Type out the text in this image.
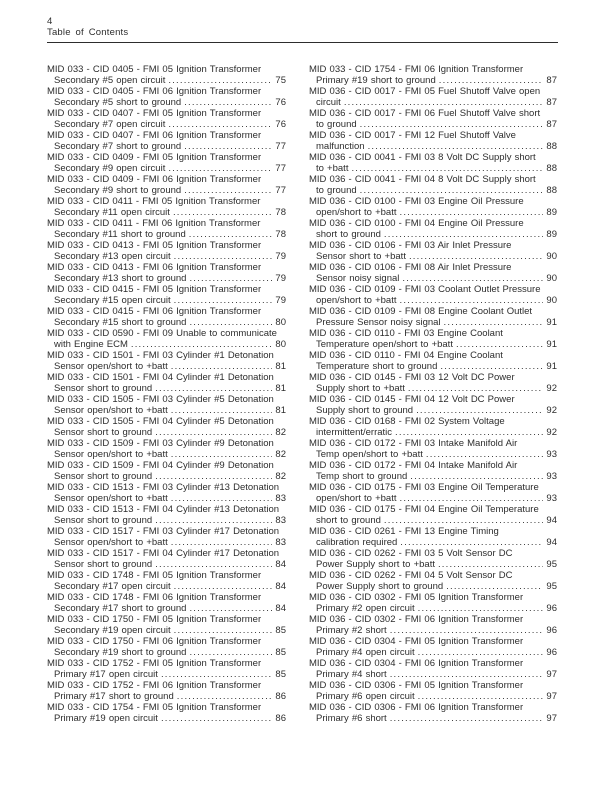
4
Table of Contents
MID 033 - CID 0405 - FMI 05 Ignition Transformer
Secondary #5 open circuit .....	75
MID 033 - CID 0405 - FMI 06 Ignition Transformer
Secondary #5 short to ground .....	76
MID 033 - CID 0407 - FMI 05 Ignition Transformer
Secondary #7 open circuit .....	76
MID 033 - CID 0407 - FMI 06 Ignition Transformer
Secondary #7 short to ground .....	77
MID 033 - CID 0409 - FMI 05 Ignition Transformer
Secondary #9 open circuit .....	77
MID 033 - CID 0409 - FMI 06 Ignition Transformer
Secondary #9 short to ground .....	77
MID 033 - CID 0411 - FMI 05 Ignition Transformer
Secondary #11 open circuit .....	78
MID 033 - CID 0411 - FMI 06 Ignition Transformer
Secondary #11 short to ground .....	78
MID 033 - CID 0413 - FMI 05 Ignition Transformer
Secondary #13 open circuit .....	79
MID 033 - CID 0413 - FMI 06 Ignition Transformer
Secondary #13 short to ground .....	79
MID 033 - CID 0415 - FMI 05 Ignition Transformer
Secondary #15 open circuit .....	79
MID 033 - CID 0415 - FMI 06 Ignition Transformer
Secondary #15 short to ground .....	80
MID 033 - CID 0590 - FMI 09 Unable to communicate
with Engine ECM .....	80
MID 033 - CID 1501 - FMI 03 Cylinder #1 Detonation
Sensor open/short to +batt .....	81
MID 033 - CID 1501 - FMI 04 Cylinder #1 Detonation
Sensor short to ground .....	81
MID 033 - CID 1505 - FMI 03 Cylinder #5 Detonation
Sensor open/short to +batt .....	81
MID 033 - CID 1505 - FMI 04 Cylinder #5 Detonation
Sensor short to ground .....	82
MID 033 - CID 1509 - FMI 03 Cylinder #9 Detonation
Sensor open/short to +batt .....	82
MID 033 - CID 1509 - FMI 04 Cylinder #9 Detonation
Sensor short to ground .....	82
MID 033 - CID 1513 - FMI 03 Cylinder #13 Detonation
Sensor open/short to +batt .....	83
MID 033 - CID 1513 - FMI 04 Cylinder #13 Detonation
Sensor short to ground .....	83
MID 033 - CID 1517 - FMI 03 Cylinder #17 Detonation
Sensor open/short to +batt .....	83
MID 033 - CID 1517 - FMI 04 Cylinder #17 Detonation
Sensor short to ground .....	84
MID 033 - CID 1748 - FMI 05 Ignition Transformer
Secondary #17 open circuit .....	84
MID 033 - CID 1748 - FMI 06 Ignition Transformer
Secondary #17 short to ground .....	84
MID 033 - CID 1750 - FMI 05 Ignition Transformer
Secondary #19 open circuit .....	85
MID 033 - CID 1750 - FMI 06 Ignition Transformer
Secondary #19 short to ground .....	85
MID 033 - CID 1752 - FMI 05 Ignition Transformer
Primary #17 open circuit .....	85
MID 033 - CID 1752 - FMI 06 Ignition Transformer
Primary #17 short to ground .....	86
MID 033 - CID 1754 - FMI 05 Ignition Transformer
Primary #19 open circuit .....	86
MID 033 - CID 1754 - FMI 06 Ignition Transformer
Primary #19 short to ground .....	87
MID 036 - CID 0017 - FMI 05 Fuel Shutoff Valve open
circuit .....	87
MID 036 - CID 0017 - FMI 06 Fuel Shutoff Valve short
to ground .....	87
MID 036 - CID 0017 - FMI 12 Fuel Shutoff Valve
malfunction .....	88
MID 036 - CID 0041 - FMI 03 8 Volt DC Supply short
to +batt .....	88
MID 036 - CID 0041 - FMI 04 8 Volt DC Supply short
to ground .....	88
MID 036 - CID 0100 - FMI 03 Engine Oil Pressure
open/short to +batt .....	89
MID 036 - CID 0100 - FMI 04 Engine Oil Pressure
short to ground .....	89
MID 036 - CID 0106 - FMI 03 Air Inlet Pressure
Sensor short to +batt .....	90
MID 036 - CID 0106 - FMI 08 Air Inlet Pressure
Sensor noisy signal .....	90
MID 036 - CID 0109 - FMI 03 Coolant Outlet Pressure
open/short to +batt .....	90
MID 036 - CID 0109 - FMI 08 Engine Coolant Outlet
Pressure Sensor noisy signal .....	91
MID 036 - CID 0110 - FMI 03 Engine Coolant
Temperature open/short to +batt .....	91
MID 036 - CID 0110 - FMI 04 Engine Coolant
Temperature short to ground .....	91
MID 036 - CID 0145 - FMI 03 12 Volt DC Power
Supply short to +batt .....	92
MID 036 - CID 0145 - FMI 04 12 Volt DC Power
Supply short to ground .....	92
MID 036 - CID 0168 - FMI 02 System Voltage
intermittent/erratic .....	92
MID 036 - CID 0172 - FMI 03 Intake Manifold Air
Temp open/short to +batt .....	93
MID 036 - CID 0172 - FMI 04 Intake Manifold Air
Temp short to ground .....	93
MID 036 - CID 0175 - FMI 03 Engine Oil Temperature
open/short to +batt .....	93
MID 036 - CID 0175 - FMI 04 Engine Oil Temperature
short to ground .....	94
MID 036 - CID 0261 - FMI 13 Engine Timing
calibration required .....	94
MID 036 - CID 0262 - FMI 03 5 Volt Sensor DC
Power Supply short to +batt .....	95
MID 036 - CID 0262 - FMI 04 5 Volt Sensor DC
Power Supply short to ground .....	95
MID 036 - CID 0302 - FMI 05 Ignition Transformer
Primary #2 open circuit .....	96
MID 036 - CID 0302 - FMI 06 Ignition Transformer
Primary #2 short .....	96
MID 036 - CID 0304 - FMI 05 Ignition Transformer
Primary #4 open circuit .....	96
MID 036 - CID 0304 - FMI 06 Ignition Transformer
Primary #4 short .....	97
MID 036 - CID 0306 - FMI 05 Ignition Transformer
Primary #6 open circuit .....	97
MID 036 - CID 0306 - FMI 06 Ignition Transformer
Primary #6 short .....	97
